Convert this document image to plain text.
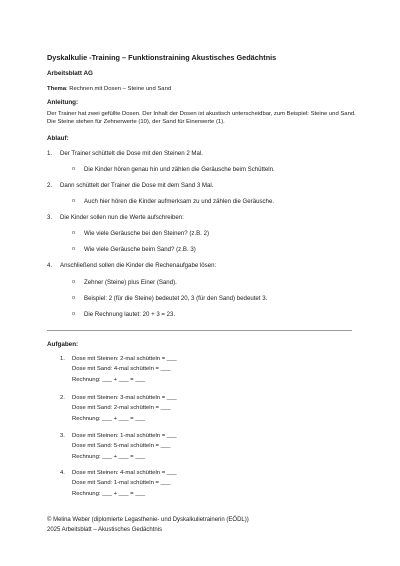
Dyskalkulie -Training – Funktionstraining Akustisches Gedächtnis
Arbeitsblatt AG
Thema: Rechnen mit Dosen – Steine und Sand
Anleitung:
Der Trainer hat zwei gefüllte Dosen. Der Inhalt der Dosen ist akustisch unterscheidbar, zum Beispiel: Steine und Sand. Die Steine stehen für Zehnerwerte (10), der Sand für Einerwerte (1).
Ablauf:
1. Der Trainer schüttelt die Dose mit den Steinen 2 Mal.
o Die Kinder hören genau hin und zählen die Geräusche beim Schütteln.
2. Dann schüttelt der Trainer die Dose mit dem Sand 3 Mal.
o Auch hier hören die Kinder aufmerksam zu und zählen die Geräusche.
3. Die Kinder sollen nun die Werte aufschreiben:
o Wie viele Geräusche bei den Steinen? (z.B. 2)
o Wie viele Geräusche beim Sand? (z.B. 3)
4. Anschließend sollen die Kinder die Rechenaufgabe lösen:
o Zehner (Steine) plus Einer (Sand).
o Beispiel: 2 (für die Steine) bedeutet 20, 3 (für den Sand) bedeutet 3.
o Die Rechnung lautet: 20 + 3 = 23.
Aufgaben:
1. Dose mit Steinen: 2-mal schütteln = ___
Dose mit Sand: 4-mal schütteln = ___
Rechnung: ___ + ___ = ___
2. Dose mit Steinen: 3-mal schütteln = ___
Dose mit Sand: 2-mal schütteln = ___
Rechnung: ___ + ___ = ___
3. Dose mit Steinen: 1-mal schütteln = ___
Dose mit Sand: 5-mal schütteln = ___
Rechnung: ___ + ___ = ___
4. Dose mit Steinen: 4-mal schütteln = ___
Dose mit Sand: 1-mal schütteln = ___
Rechnung: ___ + ___ = ___
© Melina Weber (diplomierte Legasthenie- und Dyskalkulietrainerin (EÖDL))
2025 Arbeitsblatt – Akustisches Gedächtnis
